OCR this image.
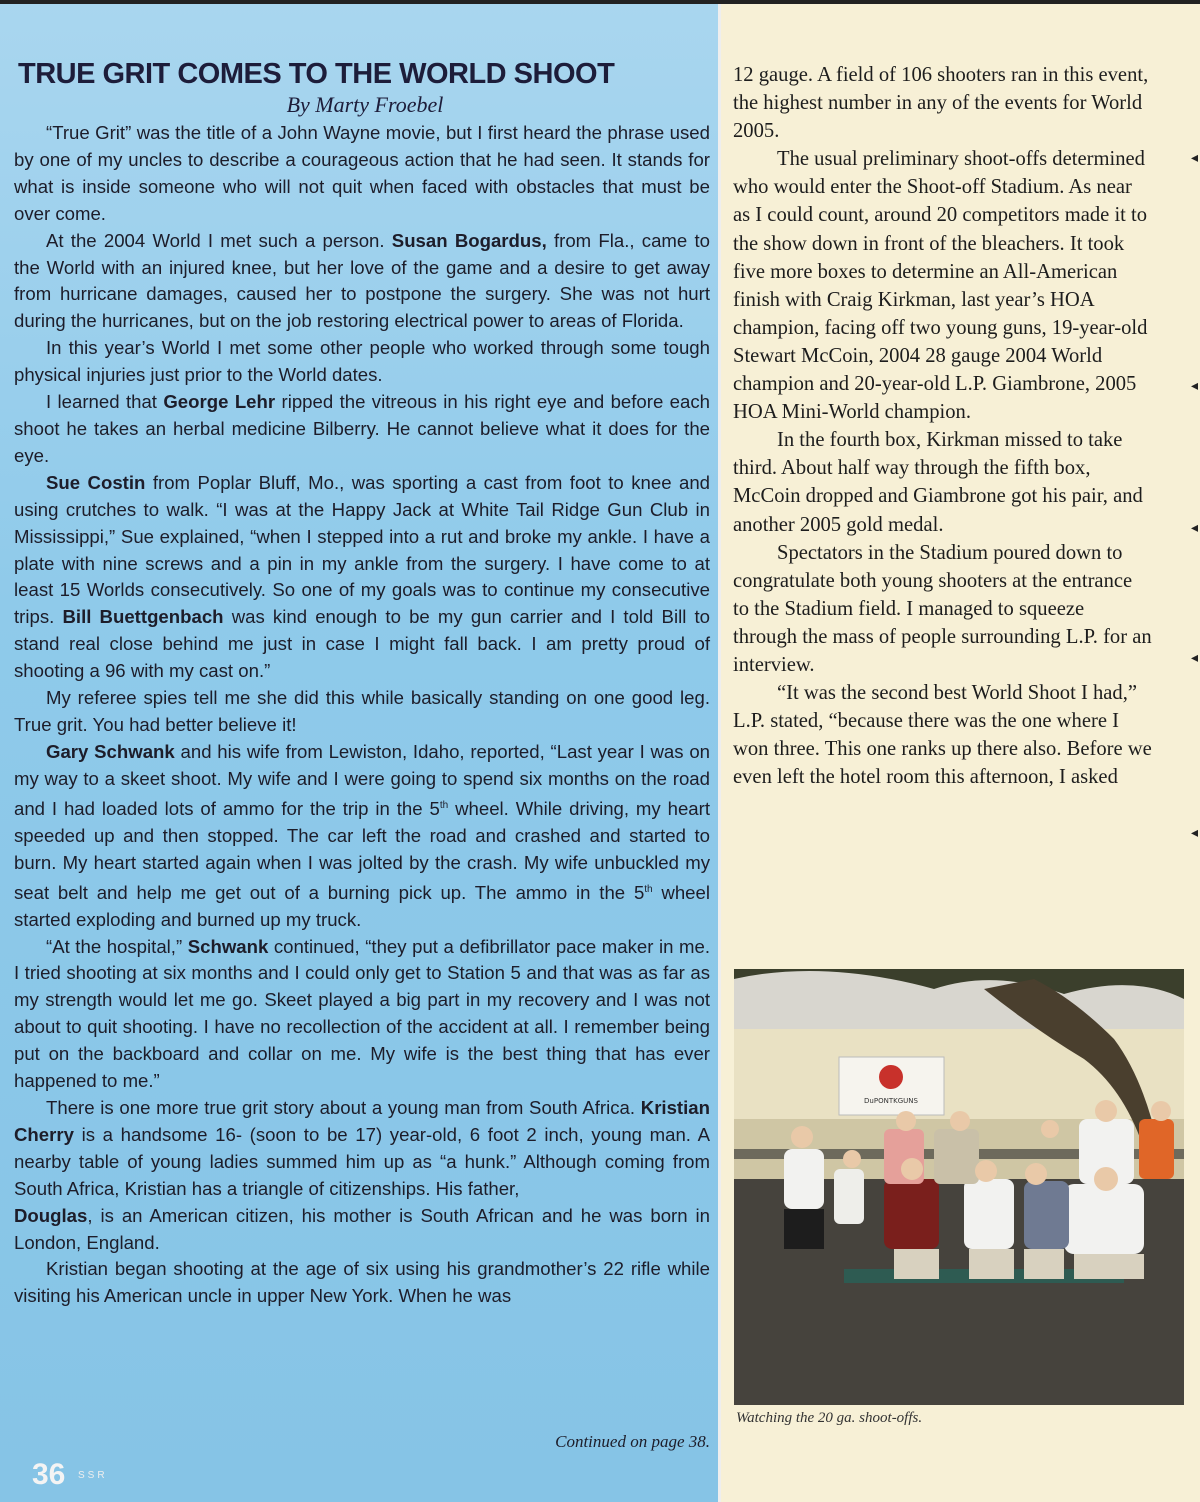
TRUE GRIT COMES TO THE WORLD SHOOT
By Marty Froebel

“True Grit” was the title of a John Wayne movie, but I first heard the phrase used by one of my uncles to describe a courageous action that he had seen. It stands for what is inside someone who will not quit when faced with obstacles that must be over come.

At the 2004 World I met such a person. Susan Bogardus, from Fla., came to the World with an injured knee, but her love of the game and a desire to get away from hurricane damages, caused her to postpone the surgery. She was not hurt during the hurricanes, but on the job restoring electrical power to areas of Florida.

In this year’s World I met some other people who worked through some tough physical injuries just prior to the World dates.

I learned that George Lehr ripped the vitreous in his right eye and before each shoot he takes an herbal medicine Bilberry. He cannot believe what it does for the eye.

Sue Costin from Poplar Bluff, Mo., was sporting a cast from foot to knee and using crutches to walk. “I was at the Happy Jack at White Tail Ridge Gun Club in Mississippi,” Sue explained, “when I stepped into a rut and broke my ankle. I have a plate with nine screws and a pin in my ankle from the surgery. I have come to at least 15 Worlds consecutively. So one of my goals was to continue my consecutive trips. Bill Buettgenbach was kind enough to be my gun carrier and I told Bill to stand real close behind me just in case I might fall back. I am pretty proud of shooting a 96 with my cast on.”

My referee spies tell me she did this while basically standing on one good leg. True grit. You had better believe it!

Gary Schwank and his wife from Lewiston, Idaho, reported, “Last year I was on my way to a skeet shoot. My wife and I were going to spend six months on the road and I had loaded lots of ammo for the trip in the 5th wheel. While driving, my heart speeded up and then stopped. The car left the road and crashed and started to burn. My heart started again when I was jolted by the crash. My wife unbuckled my seat belt and help me get out of a burning pick up. The ammo in the 5th wheel started exploding and burned up my truck.

“At the hospital,” Schwank continued, “they put a defibrillator pace maker in me. I tried shooting at six months and I could only get to Station 5 and that was as far as my strength would let me go. Skeet played a big part in my recovery and I was not about to quit shooting. I have no recollection of the accident at all. I remember being put on the backboard and collar on me. My wife is the best thing that has ever happened to me.”

There is one more true grit story about a young man from South Africa. Kristian Cherry is a handsome 16- (soon to be 17) year-old, 6 foot 2 inch, young man. A nearby table of young ladies summed him up as “a hunk.” Although coming from South Africa, Kristian has a triangle of citizenships. His father,

Douglas, is an American citizen, his mother is South African and he was born in London, England.

Kristian began shooting at the age of six using his grandmother’s 22 rifle while visiting his American uncle in upper New York. When he was

Continued on page 38.
36 SSR

12 gauge. A field of 106 shooters ran in this event, the highest number in any of the events for World 2005.

The usual preliminary shoot-offs determined who would enter the Shoot-off Stadium. As near as I could count, around 20 competitors made it to the show down in front of the bleachers. It took five more boxes to determine an All-American finish with Craig Kirkman, last year’s HOA champion, facing off two young guns, 19-year-old Stewart McCoin, 2004 28 gauge 2004 World champion and 20-year-old L.P. Giambrone, 2005 HOA Mini-World champion.

In the fourth box, Kirkman missed to take third. About half way through the fifth box, McCoin dropped and Giambrone got his pair, and another 2005 gold medal.

Spectators in the Stadium poured down to congratulate both young shooters at the entrance to the Stadium field. I managed to squeeze through the mass of people surrounding L.P. for an interview.

“It was the second best World Shoot I had,” L.P. stated, “because there was the one where I won three. This one ranks up there also. Before we even left the hotel room this afternoon, I asked

DuPONTKGUNS
Watching the 20 ga. shoot-offs.
◂
◂
◂
◂
◂
